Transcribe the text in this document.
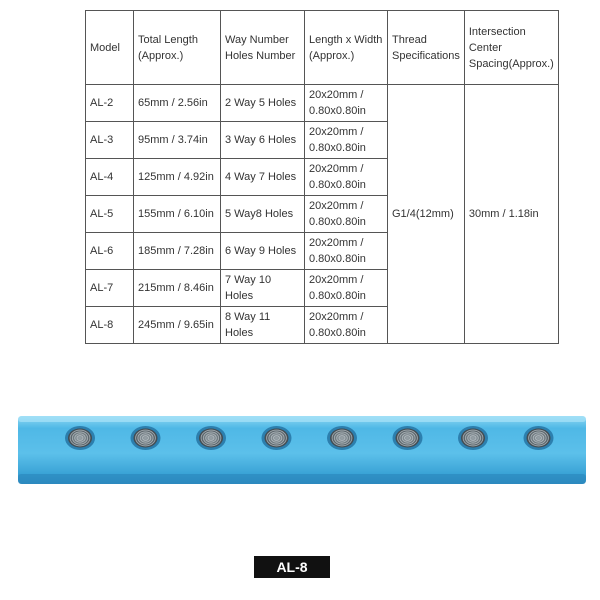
Model	Total Length (Approx.)	Way Number Holes Number	Length x Width (Approx.)	Thread Specifications	Intersection Center Spacing(Approx.)
AL-2	65mm / 2.56in	2 Way 5 Holes	20x20mm / 0.80x0.80in	G1/4(12mm)	30mm / 1.18in
AL-3	95mm / 3.74in	3 Way 6 Holes	20x20mm / 0.80x0.80in		
AL-4	125mm / 4.92in	4 Way 7 Holes	20x20mm / 0.80x0.80in		
AL-5	155mm / 6.10in	5 Way8 Holes	20x20mm / 0.80x0.80in		
AL-6	185mm / 7.28in	6 Way 9 Holes	20x20mm / 0.80x0.80in		
AL-7	215mm / 8.46in	7 Way 10 Holes	20x20mm / 0.80x0.80in		
AL-8	245mm / 9.65in	8 Way 11 Holes	20x20mm / 0.80x0.80in		
AL-8
